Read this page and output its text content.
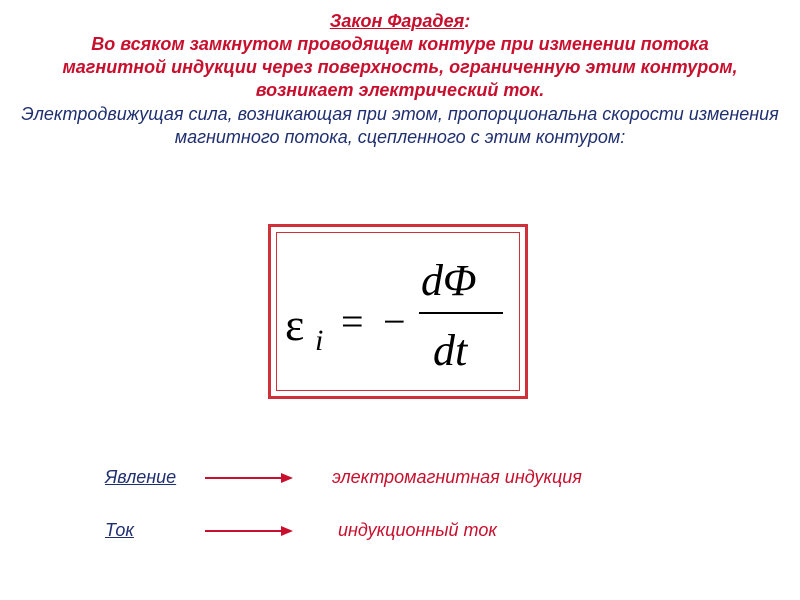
Закон Фарадея:
Во всяком замкнутом проводящем контуре при изменении потока магнитной индукции через поверхность, ограниченную этим контуром, возникает электрический ток.
Электродвижущая сила, возникающая при этом, пропорциональна скорости изменения магнитного потока, сцепленного с этим контуром:
ε i = −
dΦ
dt
Явление	электромагнитная индукция
Ток	индукционный ток
